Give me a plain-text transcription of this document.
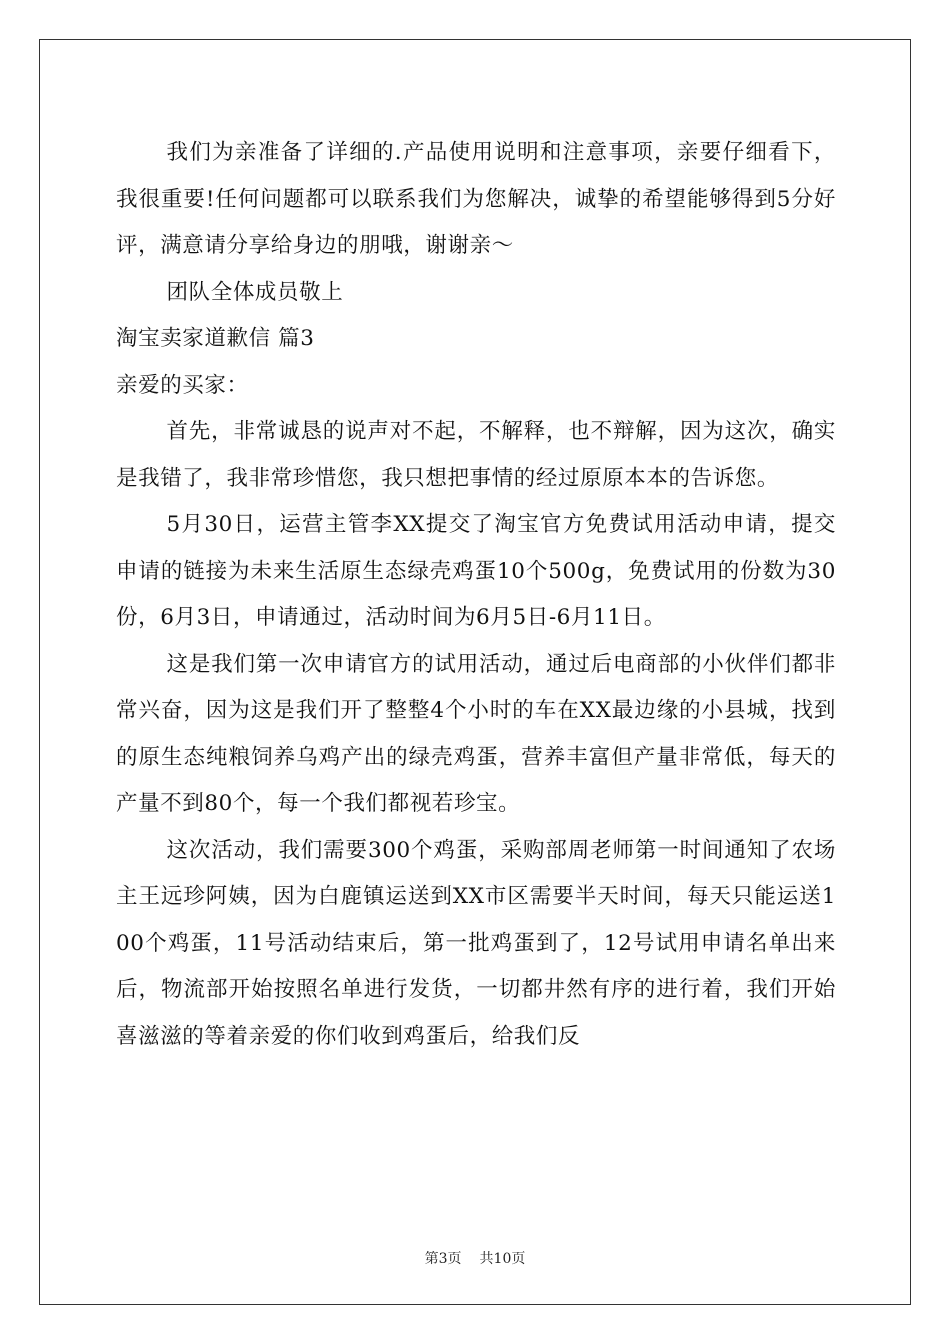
我们为亲准备了详细的.产品使用说明和注意事项，亲要仔细看下，我很重要!任何问题都可以联系我们为您解决，诚挚的希望能够得到5分好评，满意请分享给身边的朋哦，谢谢亲～

团队全体成员敬上

淘宝卖家道歉信 篇3

亲爱的买家：

首先，非常诚恳的说声对不起，不解释，也不辩解，因为这次，确实是我错了，我非常珍惜您，我只想把事情的经过原原本本的告诉您。

5月30日，运营主管李XX提交了淘宝官方免费试用活动申请，提交申请的链接为未来生活原生态绿壳鸡蛋10个500g，免费试用的份数为30份，6月3日，申请通过，活动时间为6月5日-6月11日。

这是我们第一次申请官方的试用活动，通过后电商部的小伙伴们都非常兴奋，因为这是我们开了整整4个小时的车在XX最边缘的小县城，找到的原生态纯粮饲养乌鸡产出的绿壳鸡蛋，营养丰富但产量非常低，每天的产量不到80个，每一个我们都视若珍宝。

这次活动，我们需要300个鸡蛋，采购部周老师第一时间通知了农场主王远珍阿姨，因为白鹿镇运送到XX市区需要半天时间，每天只能运送100个鸡蛋，11号活动结束后，第一批鸡蛋到了，12号试用申请名单出来后，物流部开始按照名单进行发货，一切都井然有序的进行着，我们开始喜滋滋的等着亲爱的你们收到鸡蛋后，给我们反

第3页 共10页
